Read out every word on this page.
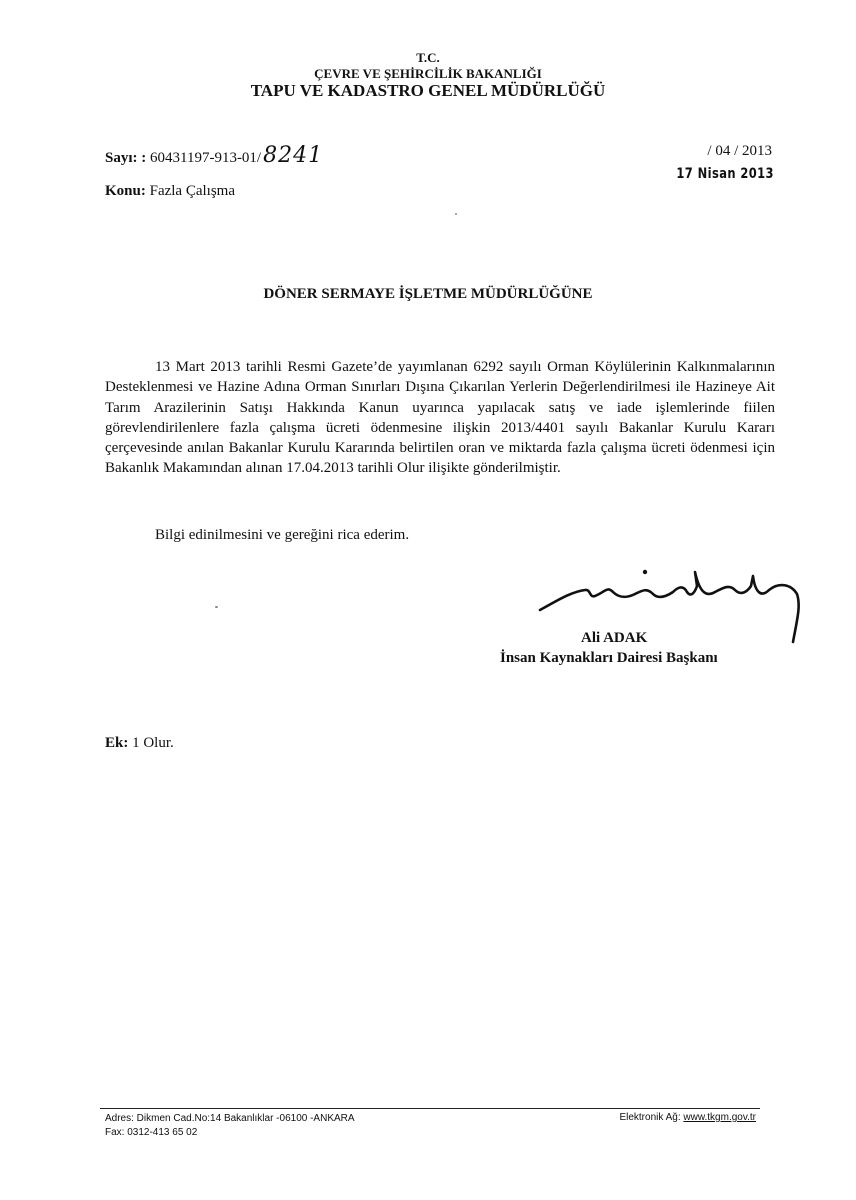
T.C.

ÇEVRE VE ŞEHİRCİLİK BAKANLIĞI

TAPU VE KADASTRO GENEL MÜDÜRLÜĞÜ

Sayı: : 60431197-913-01/8241
Konu: Fazla Çalışma
/ 04 / 2013
17 Nisan 2013

DÖNER SERMAYE İŞLETME MÜDÜRLÜĞÜNE

13 Mart 2013 tarihli Resmi Gazete’de yayımlanan 6292 sayılı Orman Köylülerinin Kalkınmalarının Desteklenmesi ve Hazine Adına Orman Sınırları Dışına Çıkarılan Yerlerin Değerlendirilmesi ile Hazineye Ait Tarım Arazilerinin Satışı Hakkında Kanun uyarınca yapılacak satış ve iade işlemlerinde fiilen görevlendirilenlere fazla çalışma ücreti ödenmesine ilişkin 2013/4401 sayılı Bakanlar Kurulu Kararı çerçevesinde anılan Bakanlar Kurulu Kararında belirtilen oran ve miktarda fazla çalışma ücreti ödenmesi için Bakanlık Makamından alınan 17.04.2013 tarihli Olur ilişikte gönderilmiştir.

Bilgi edinilmesini ve gereğini rica ederim.

Ali ADAK
İnsan Kaynakları Dairesi Başkanı
Ek: 1 Olur.
Adres: Dikmen Cad.No:14 Bakanlıklar -06100 -ANKARA
Fax: 0312-413 65 02
Elektronik Ağ: www.tkgm.gov.tr
